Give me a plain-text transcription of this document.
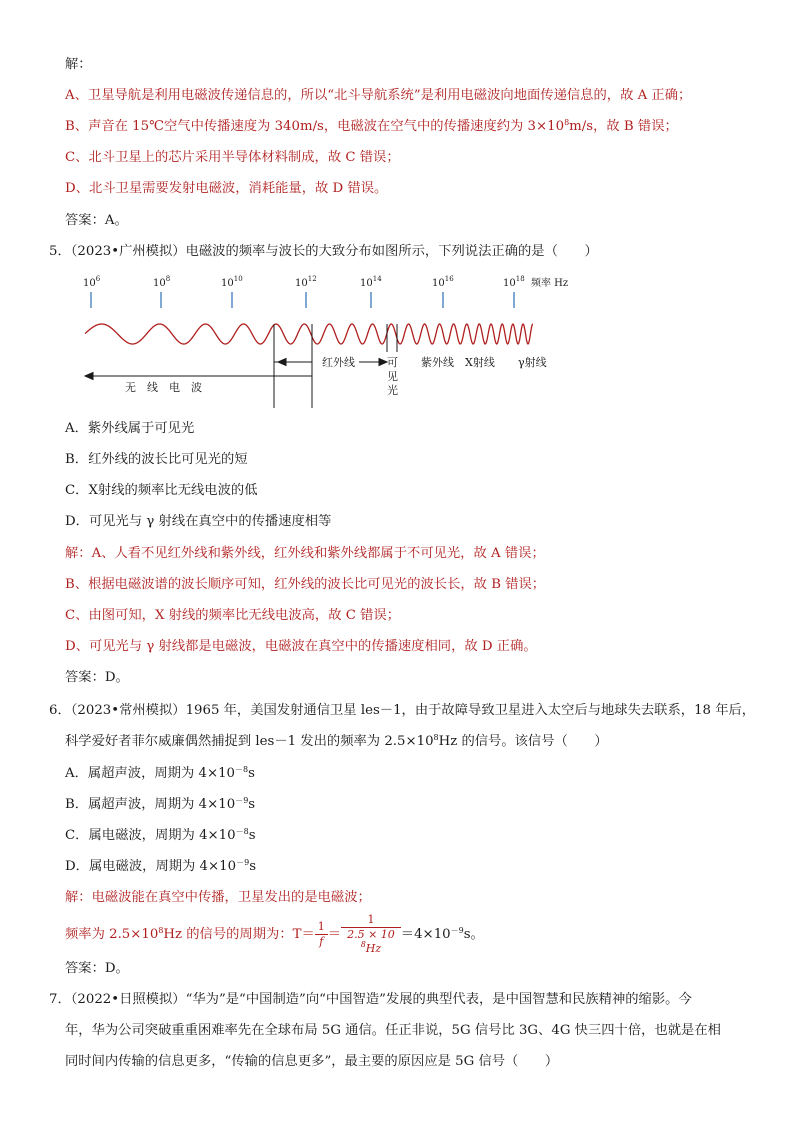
解：
A、卫星导航是利用电磁波传递信息的，所以“北斗导航系统”是利用电磁波向地面传递信息的，故 A 正确；
B、声音在 15℃空气中传播速度为 340m/s，电磁波在空气中的传播速度约为 $3\times 10^8m/s$，故 B 错误；
C、北斗卫星上的芯片采用半导体材料制成，故 C 错误；
D、北斗卫星需要发射电磁波，消耗能量，故 D 错误。
答案：A。
5．（2023•广州模拟）电磁波的频率与波长的大致分布如图所示，下列说法正确的是（　　）
$10^6$	$10^8$	$10^{10}$	$10^{12}$	$10^{14}$	$10^{16}$	$10^{18}$ 频率 Hz
无　线　电　波
红外线	可
见
光
紫外线 X射线 γ射线
A．紫外线属于可见光
B．红外线的波长比可见光的短
C．X射线的频率比无线电波的低
D．可见光与 γ 射线在真空中的传播速度相等
解：A、人看不见红外线和紫外线，红外线和紫外线都属于不可见光，故 A 错误；
B、根据电磁波谱的波长顺序可知，红外线的波长比可见光的波长长，故 B 错误；
C、由图可知，X 射线的频率比无线电波高，故 C 错误；
D、可见光与 γ 射线都是电磁波，电磁波在真空中的传播速度相同，故 D 正确。
答案：D。
6．（2023•常州模拟）1965 年，美国发射通信卫星 les－1，由于故障导致卫星进入太空后与地球失去联系，18 年后，
科学爱好者菲尔威廉偶然捕捉到 les－1 发出的频率为 $2.5\times 10^8Hz$ 的信号。该信号（　　）
A．属超声波，周期为 $4\times 10^{-8}s$
B．属超声波，周期为 $4\times 10^{-9}s$
C．属电磁波，周期为 $4\times 10^{-8}s$
D．属电磁波，周期为 $4\times 10^{-9}s$
解：电磁波能在真空中传播，卫星发出的是电磁波；
频率为 $2.5\times 10^8Hz$ 的信号的周期为：$T= \frac{1}{f} = 1$
2.5 × 10
$^8Hz =4\times 10^{-9}s$。
答案：D。
7．（2022•日照模拟）“华为”是“中国制造”向“中国智造”发展的典型代表，是中国智慧和民族精神的缩影。今
年，华为公司突破重重困难率先在全球布局 5G 通信。任正非说，5G 信号比 3G、4G 快三四十倍，也就是在相
同时间内传输的信息更多，“传输的信息更多”，最主要的原因应是 5G 信号（　　）
